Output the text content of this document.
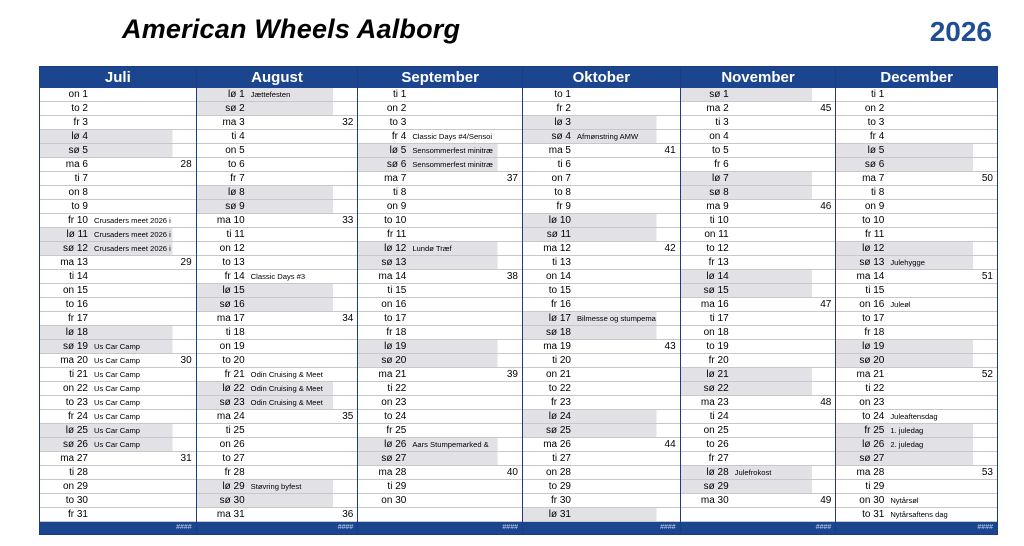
American Wheels Aalborg	2026
Juli
on 1
to 2
fr 3
lø 4
sø 5
ma 6	28
ti 7
on 8
to 9
fr 10 Crusaders meet 2026 i
lø 11 Crusaders meet 2026 i
sø 12 Crusaders meet 2026 i
ma 13	29
ti 14
on 15
to 16
fr 17
lø 18
sø 19 Us Car Camp
ma 20 Us Car Camp	30
ti 21 Us Car Camp
on 22 Us Car Camp
to 23 Us Car Camp
fr 24 Us Car Camp
lø 25 Us Car Camp
sø 26 Us Car Camp
ma 27	31
ti 28
on 29
to 30
fr 31
####
August
lø 1 Jættefesten
sø 2
ma 3	32
ti 4
on 5
to 6
fr 7
lø 8
sø 9
ma 10	33
ti 11
on 12
to 13
fr 14 Classic Days #3
lø 15
sø 16
ma 17	34
ti 18
on 19
to 20
fr 21 Odin Cruising & Meet
lø 22 Odin Cruising & Meet
sø 23 Odin Cruising & Meet
ma 24	35
ti 25
on 26
to 27
fr 28
lø 29 Støvring byfest
sø 30
ma 31	36
####
September
ti 1
on 2
to 3
fr 4 Classic Days #4/Sensoi
lø 5 Sensommerfest minitræ
sø 6 Sensommerfest minitræ
ma 7	37
ti 8
on 9
to 10
fr 11
lø 12 Lundø Træf
sø 13
ma 14	38
ti 15
on 16
to 17
fr 18
lø 19
sø 20
ma 21	39
ti 22
on 23
to 24
fr 25
lø 26 Aars Stumpemarked &
sø 27
ma 28	40
ti 29
on 30
####
Oktober
to 1
fr 2
lø 3
sø 4 Afmønstring AMW
ma 5	41
ti 6
on 7
to 8
fr 9
lø 10
sø 11
ma 12	42
ti 13
on 14
to 15
fr 16
lø 17 Bilmesse og stumpema
sø 18
ma 19	43
ti 20
on 21
to 22
fr 23
lø 24
sø 25
ma 26	44
ti 27
on 28
to 29
fr 30
lø 31
####
November
sø 1
ma 2	45
ti 3
on 4
to 5
fr 6
lø 7
sø 8
ma 9	46
ti 10
on 11
to 12
fr 13
lø 14
sø 15
ma 16	47
ti 17
on 18
to 19
fr 20
lø 21
sø 22
ma 23	48
ti 24
on 25
to 26
fr 27
lø 28 Julefrokost
sø 29
ma 30	49
####
December
ti 1
on 2
to 3
fr 4
lø 5
sø 6
ma 7	50
ti 8
on 9
to 10
fr 11
lø 12
sø 13 Julehygge
ma 14	51
ti 15
on 16 Juleøl
to 17
fr 18
lø 19
sø 20
ma 21	52
ti 22
on 23
to 24 Juleaftensdag
fr 25 1. juledag
lø 26 2. juledag
sø 27
ma 28	53
ti 29
on 30 Nytårsøl
to 31 Nytårsaftens dag
####
